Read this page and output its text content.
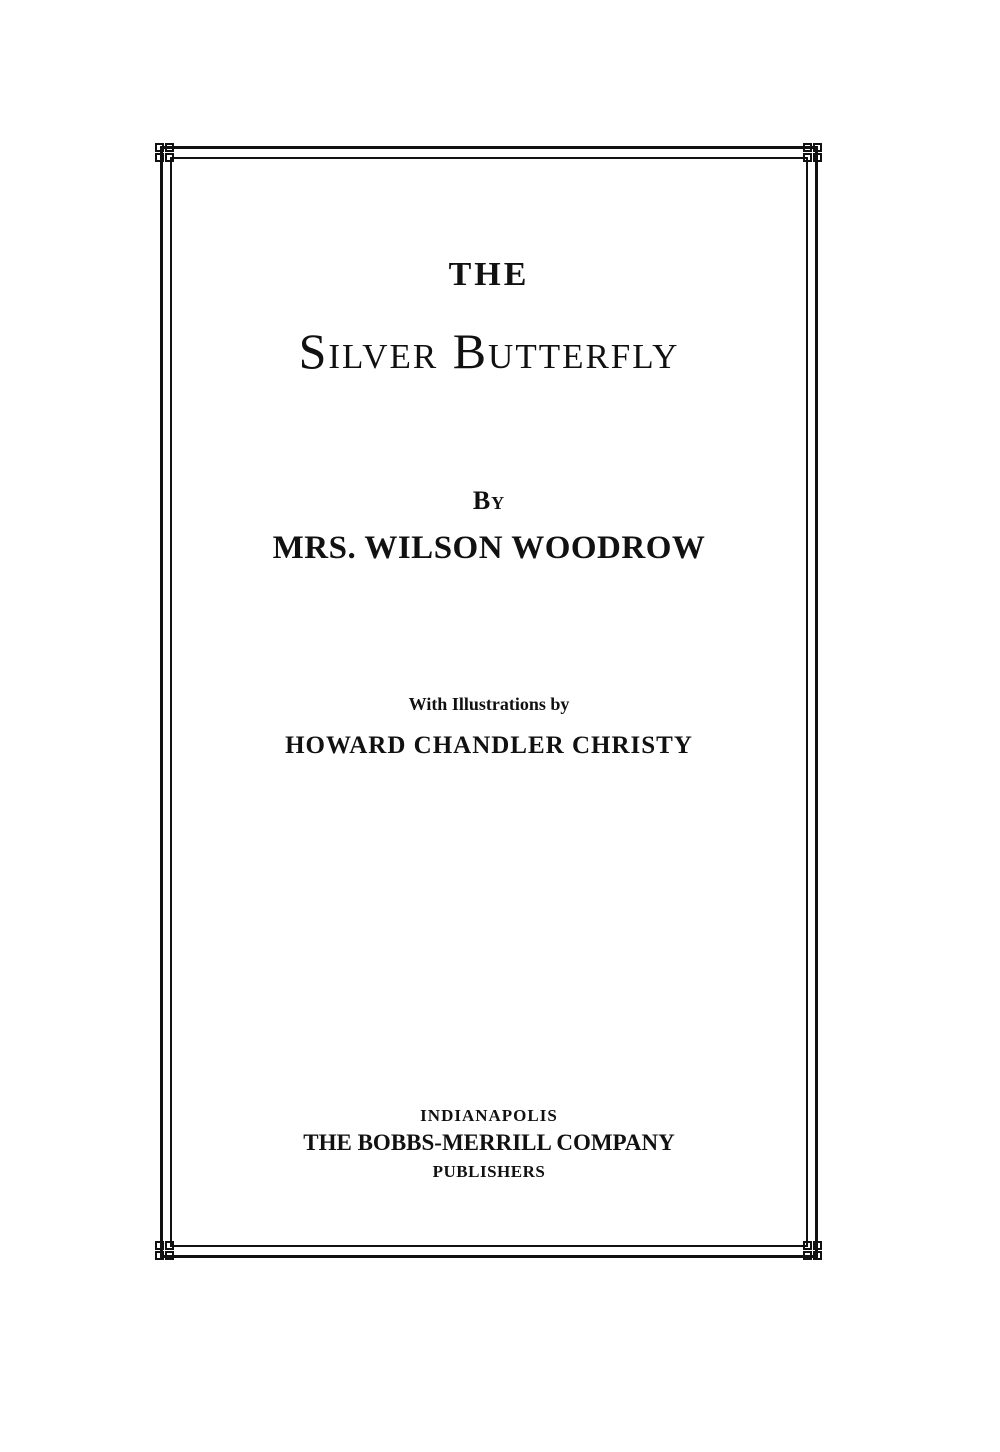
THE
Silver Butterfly
By
MRS. WILSON WOODROW
With Illustrations by
HOWARD CHANDLER CHRISTY
INDIANAPOLIS
THE BOBBS-MERRILL COMPANY
PUBLISHERS
